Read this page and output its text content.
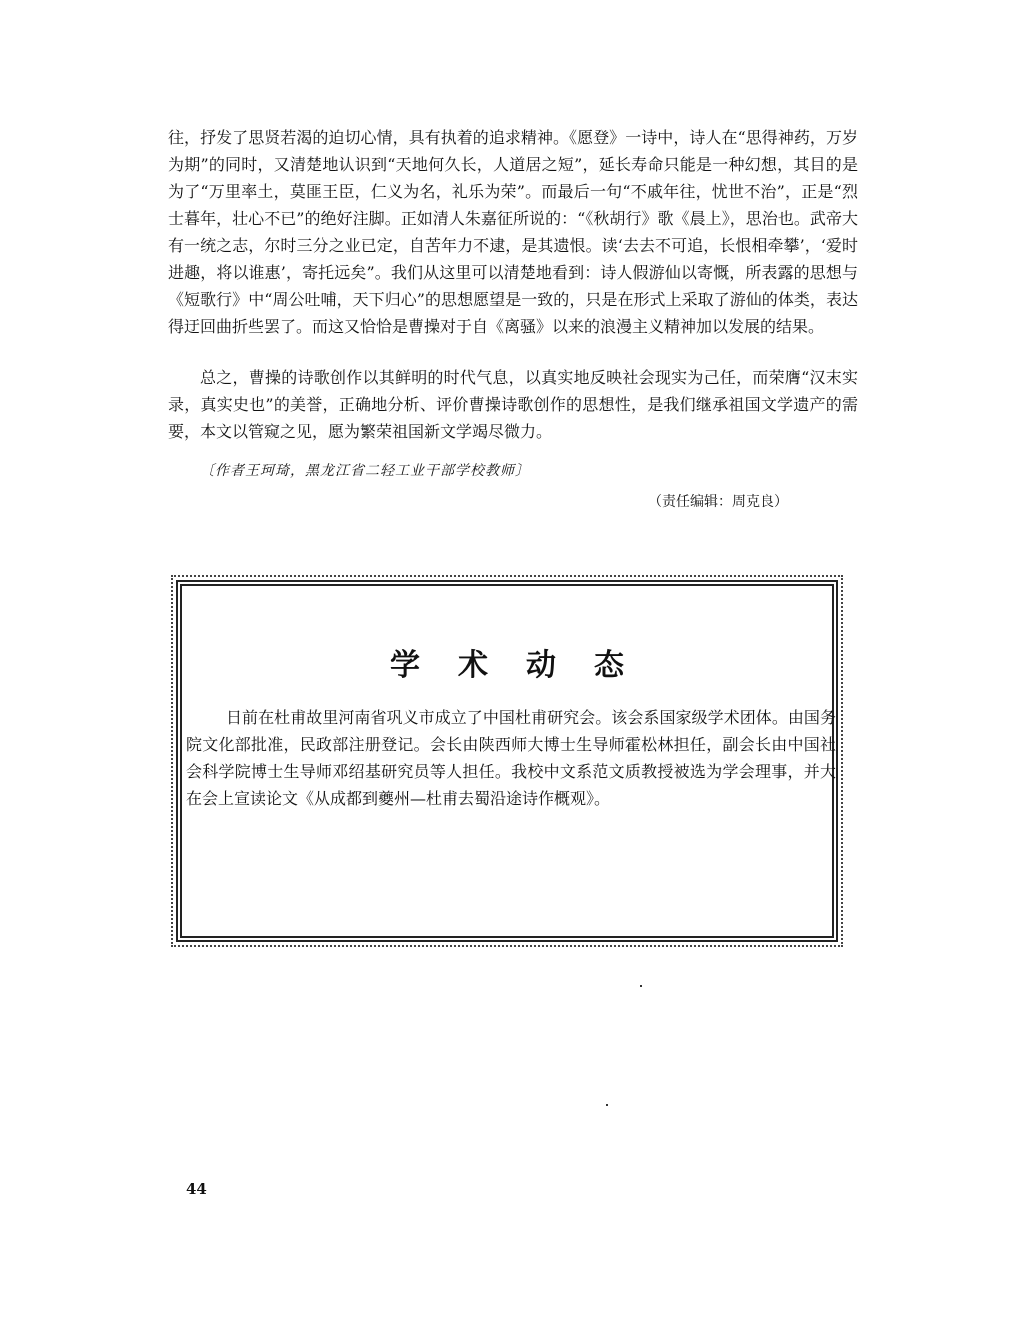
往，抒发了思贤若渴的迫切心情，具有执着的追求精神。《愿登》一诗中，诗人在“思得神药，万岁为期”的同时，又清楚地认识到“天地何久长，人道居之短”，延长寿命只能是一种幻想，其目的是为了“万里率土，莫匪王臣，仁义为名，礼乐为荣”。而最后一句“不戚年往，忧世不治”，正是“烈士暮年，壮心不已”的绝好注脚。正如清人朱嘉征所说的：“《秋胡行》歌《晨上》，思治也。武帝大有一统之志，尔时三分之业已定，自苦年力不逮，是其遗恨。读‘去去不可追，长恨相牵攀’，‘爱时进趣，将以谁惠’，寄托远矣”。我们从这里可以清楚地看到：诗人假游仙以寄慨，所表露的思想与《短歌行》中“周公吐哺，天下归心”的思想愿望是一致的，只是在形式上采取了游仙的体类，表达得迂回曲折些罢了。而这又恰恰是曹操对于自《离骚》以来的浪漫主义精神加以发展的结果。

总之，曹操的诗歌创作以其鲜明的时代气息，以真实地反映社会现实为己任，而荣膺“汉末实录，真实史也”的美誉，正确地分析、评价曹操诗歌创作的思想性，是我们继承祖国文学遗产的需要，本文以管窥之见，愿为繁荣祖国新文学竭尽微力。

〔作者王珂琦，黑龙江省二轻工业干部学校教师〕

（责任编辑：周克良）

学术动态

日前在杜甫故里河南省巩义市成立了中国杜甫研究会。该会系国家级学术团体。由国务院文化部批准，民政部注册登记。会长由陕西师大博士生导师霍松林担任，副会长由中国社会科学院博士生导师邓绍基研究员等人担任。我校中文系范文质教授被选为学会理事，并大在会上宣读论文《从成都到夔州—杜甫去蜀沿途诗作概观》。

44
